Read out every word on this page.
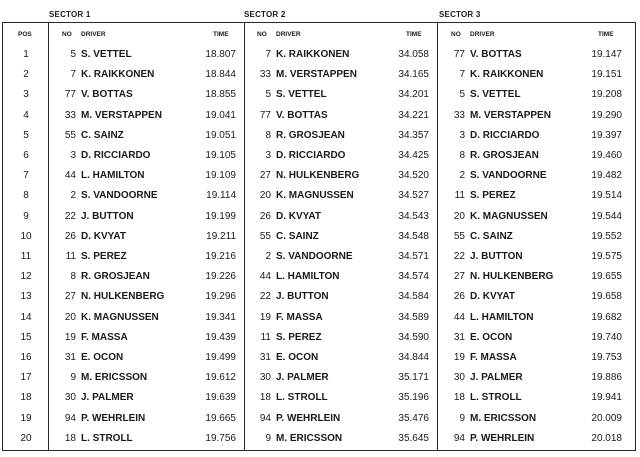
SECTOR 1	SECTOR 2	SECTOR 3
POS	NO DRIVER	TIME	NO DRIVER	TIME	NO DRIVER	TIME
1	5 S. VETTEL	18.807	7 K. RAIKKONEN	34.058	77 V. BOTTAS	19.147
2	7 K. RAIKKONEN	18.844	33 M. VERSTAPPEN	34.165	7 K. RAIKKONEN	19.151
3	77 V. BOTTAS	18.855	5 S. VETTEL	34.201	5 S. VETTEL	19.208
4	33 M. VERSTAPPEN	19.041	77 V. BOTTAS	34.221	33 M. VERSTAPPEN	19.290
5	55 C. SAINZ	19.051	8 R. GROSJEAN	34.357	3 D. RICCIARDO	19.397
6	3 D. RICCIARDO	19.105	3 D. RICCIARDO	34.425	8 R. GROSJEAN	19.460
7	44 L. HAMILTON	19.109	27 N. HULKENBERG	34.520	2 S. VANDOORNE	19.482
8	2 S. VANDOORNE	19.114	20 K. MAGNUSSEN	34.527	11 S. PEREZ	19.514
9	22 J. BUTTON	19.199	26 D. KVYAT	34.543	20 K. MAGNUSSEN	19.544
10	26 D. KVYAT	19.211	55 C. SAINZ	34.548	55 C. SAINZ	19.552
11	11 S. PEREZ	19.216	2 S. VANDOORNE	34.571	22 J. BUTTON	19.575
12	8 R. GROSJEAN	19.226	44 L. HAMILTON	34.574	27 N. HULKENBERG	19.655
13	27 N. HULKENBERG	19.296	22 J. BUTTON	34.584	26 D. KVYAT	19.658
14	20 K. MAGNUSSEN	19.341	19 F. MASSA	34.589	44 L. HAMILTON	19.682
15	19 F. MASSA	19.439	11 S. PEREZ	34.590	31 E. OCON	19.740
16	31 E. OCON	19.499	31 E. OCON	34.844	19 F. MASSA	19.753
17	9 M. ERICSSON	19.612	30 J. PALMER	35.171	30 J. PALMER	19.886
18	30 J. PALMER	19.639	18 L. STROLL	35.196	18 L. STROLL	19.941
19	94 P. WEHRLEIN	19.665	94 P. WEHRLEIN	35.476	9 M. ERICSSON	20.009
20	18 L. STROLL	19.756	9 M. ERICSSON	35.645	94 P. WEHRLEIN	20.018
